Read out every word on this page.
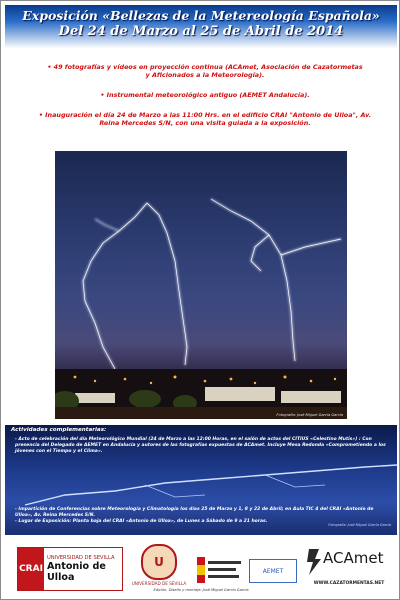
Exposición «Bellezas de la Metereología Española»
Del 24 de Marzo al 25 de Abril de 2014
• 49 fotografías y vídeos en proyección continua (ACAmet, Asociación de Cazatormetas y Aficionados a la Meteorología).
• Instrumental meteorológico antiguo (AEMET Andalucía).
• Inauguración el día 24 de Marzo a las 11:00 Hrs. en el edificio CRAI "Antonio de Ulloa", Av. Reina Mercedes S/N, con una visita guiada a la exposición.
Fotografía: José Miguel García García
Actividades complementarias:
- Acto de celebración del día Meteorológico Mundial (24 de Marzo a las 12:00 Horas, en el salón de actos del CITIUS «Celestino Mutis») : Con presencia del Delegado de AEMET en Andalucía y autores de las fotografías expuestas de ACAmet. Incluye Mesa Redonda «Comprometiendo a los jóvenes con el Tiempo y el Clima».
- Impartición de Conferencias sobre Meteorología y Climatología los días 25 de Marzo y 1, 8 y 22 de Abril; en Aula TIC 4 del CRAI «Antonio de Ulloa», Av. Reina Mercedes S/N.
- Lugar de Exposición: Planta baja del CRAI «Antonio de Ulloa», de Lunes a Sábado de 9 a 21 horas.
Fotografía: José Miguel García García
CRAI
UNIVERSIDAD DE SEVILLA
Antonio de Ulloa
U
UNIVERSIDAD DE SEVILLA
AEMET
ACAmet
WWW.CAZATORMENTAS.NET
Edición, Diseño y montaje: José Miguel García García
